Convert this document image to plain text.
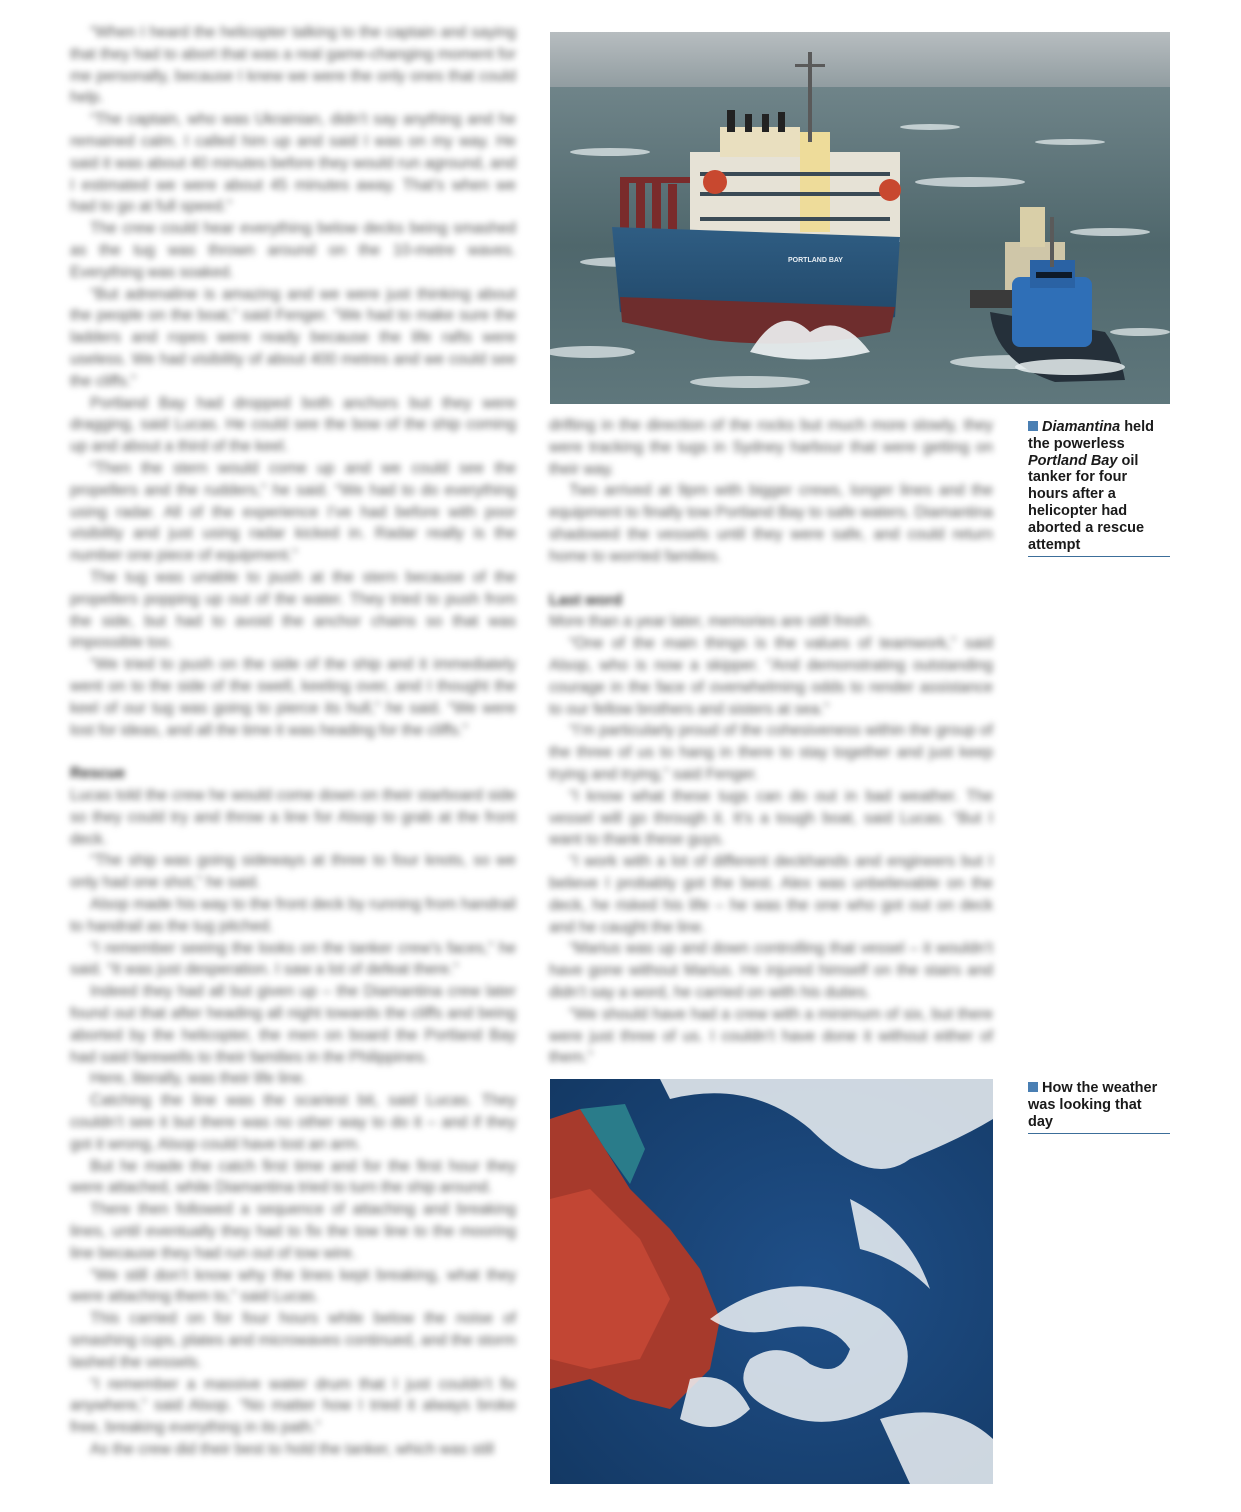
“When I heard the helicopter talking to the captain and saying that they had to abort that was a real game-changing moment for me personally, because I knew we were the only ones that could help.

“The captain, who was Ukrainian, didn’t say anything and he remained calm. I called him up and said I was on my way. He said it was about 40 minutes before they would run aground, and I estimated we were about 45 minutes away. That’s when we had to go at full speed.”

The crew could hear everything below decks being smashed as the tug was thrown around on the 10-metre waves. Everything was soaked.

“But adrenaline is amazing and we were just thinking about the people on the boat,” said Fenger. “We had to make sure the ladders and ropes were ready because the life rafts were useless. We had visibility of about 400 metres and we could see the cliffs.”

Portland Bay had dropped both anchors but they were dragging, said Lucas. He could see the bow of the ship coming up and about a third of the keel.

“Then the stern would come up and we could see the propellers and the rudders,” he said. “We had to do everything using radar. All of the experience I’ve had before with poor visibility and just using radar kicked in. Radar really is the number one piece of equipment.”

The tug was unable to push at the stern because of the propellers popping up out of the water. They tried to push from the side, but had to avoid the anchor chains so that was impossible too.

“We tried to push on the side of the ship and it immediately went on to the side of the swell, keeling over, and I thought the keel of our tug was going to pierce its hull,” he said. “We were lost for ideas, and all the time it was heading for the cliffs.”

Rescue

Lucas told the crew he would come down on their starboard side so they could try and throw a line for Alsop to grab at the front deck.

“The ship was going sideways at three to four knots, so we only had one shot,” he said.

Alsop made his way to the front deck by running from handrail to handrail as the tug pitched.

“I remember seeing the looks on the tanker crew’s faces,” he said. “It was just desperation. I saw a lot of defeat there.”

Indeed they had all but given up – the Diamantina crew later found out that after heading all night towards the cliffs and being aborted by the helicopter, the men on board the Portland Bay had said farewells to their families in the Philippines.

Here, literally, was their life line.

Catching the line was the scariest bit, said Lucas. They couldn’t see it but there was no other way to do it – and if they got it wrong, Alsop could have lost an arm.

But he made the catch first time and for the first hour they were attached, while Diamantina tried to turn the ship around.

There then followed a sequence of attaching and breaking lines, until eventually they had to fix the tow line to the mooring line because they had run out of tow wire.

“We still don’t know why the lines kept breaking, what they were attaching them to,” said Lucas.

This carried on for four hours while below the noise of smashing cups, plates and microwaves continued, and the storm lashed the vessels.

“I remember a massive water drum that I just couldn’t fix anywhere,” said Alsop. “No matter how I tried it always broke free, breaking everything in its path.”

As the crew did their best to hold the tanker, which was still

drifting in the direction of the rocks but much more slowly, they were tracking the tugs in Sydney harbour that were getting on their way.

Two arrived at 9pm with bigger crews, longer lines and the equipment to finally tow Portland Bay to safe waters. Diamantina shadowed the vessels until they were safe, and could return home to worried families.

Last word

More than a year later, memories are still fresh.

“One of the main things is the values of teamwork,” said Alsop, who is now a skipper. “And demonstrating outstanding courage in the face of overwhelming odds to render assistance to our fellow brothers and sisters at sea.”

“I’m particularly proud of the cohesiveness within the group of the three of us to hang in there to stay together and just keep trying and trying,” said Fenger.

“I know what these tugs can do out in bad weather. The vessel will go through it. It’s a tough boat, said Lucas. “But I want to thank these guys.

“I work with a lot of different deckhands and engineers but I believe I probably got the best. Alex was unbelievable on the deck, he risked his life – he was the one who got out on deck and he caught the line.

“Marius was up and down controlling that vessel – it wouldn’t have gone without Marius. He injured himself on the stairs and didn’t say a word, he carried on with his duties.

“We should have had a crew with a minimum of six, but there were just three of us. I couldn’t have done it without either of them.”

PORTLAND BAY
Diamantina held the powerless Portland Bay oil tanker for four hours after a helicopter had aborted a rescue attempt
How the weather was looking that day
